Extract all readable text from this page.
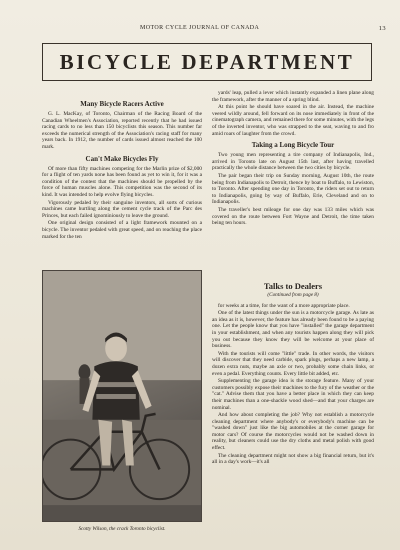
MOTOR CYCLE JOURNAL OF CANADA	13
BICYCLE DEPARTMENT
Many Bicycle Racers Active

G. L. MacKay, of Toronto, Chairman of the Racing Board of the Canadian Wheelmen's Association, reported recently that he had issued racing cards to no less than 150 bicyclists this season. This number far exceeds the numerical strength of the Association's racing staff for many years back. In 1912, the number of cards issued almost reached the 100 mark.

Can't Make Bicycles Fly

Of more than fifty machines competing for the Marlin prize of $2,000 for a flight of ten yards none has been found as yet to win it, for it was a condition of the contest that the machines should be propelled by the force of human muscles alone. This competition was the second of its kind. It was intended to help evolve flying bicycles.

Vigorously pedaled by their sanguine inventors, all sorts of curious machines came hurtling along the cement cycle track of the Parc des Princes, but each failed ignominiously to leave the ground.

One original design consisted of a light framework mounted on a bicycle. The inventor pedaled with great speed, and on reaching the place marked for the ten

yards' leap, pulled a lever which instantly expanded a linen plane along the framework, after the manner of a spring blind.

At this point he should have soared in the air. Instead, the machine veered wildly around, fell forward on its nose immediately in front of the cinematograph camera, and remained there for some minutes, with the legs of the inverted inventor, who was strapped to the seat, waving to and fro amid roars of laughter from the crowd.

Taking a Long Bicycle Tour

Two young men representing a tire company of Indianapolis, Ind., arrived in Toronto late on August 15th last, after having travelled practically the whole distance between the two cities by bicycle.

The pair began their trip on Sunday morning, August 10th, the route being from Indianapolis to Detroit, thence by boat to Buffalo, to Lewiston, to Toronto. After spending one day in Toronto, the riders set out to return to Indianapolis, going by way of Buffalo, Erie, Cleveland and on to Indianapolis.

The traveller's best mileage for one day was 133 miles which was covered on the route between Fort Wayne and Detroit, the time taken being ten hours.

Talks to Dealers
(Continued from page 8)

for weeks at a time, for the want of a more appropriate place.

One of the latest things under the sun is a motorcycle garage. As late as an idea as it is, however, the feature has already been found to be a paying one. Let the people know that you have "installed" the garage department in your establishment, and when any tourists happen along they will pick you out because they know they will be welcome at your place of business.

With the tourists will come "little" trade. In other words, the visitors will discover that they need carbide, spark plugs, perhaps a new lamp, a dozen extra nuts, maybe an axle or two, probably some chain links, or even a pedal. Everything counts. Every little bit added, etc.

Supplementing the garage idea is the storage feature. Many of your customers possibly expose their machines to the fury of the weather or the "cat." Advise them that you have a better place in which they can keep their machines than a one-shackle wood shed—and that your charges are nominal.

And how about completing the job? Why not establish a motorcycle cleaning department where anybody's or everybody's machine can be "washed down" just like the big automobiles at the corner garage for motor cars? Of course the motorcycles would not be washed down in reality, but cleaners could use the dry cloths and metal polish with good effect.

The cleaning department might not show a big financial return, but it's all in a day's work—it's all

Scotty Wilson, the crack Toronto bicyclist.
